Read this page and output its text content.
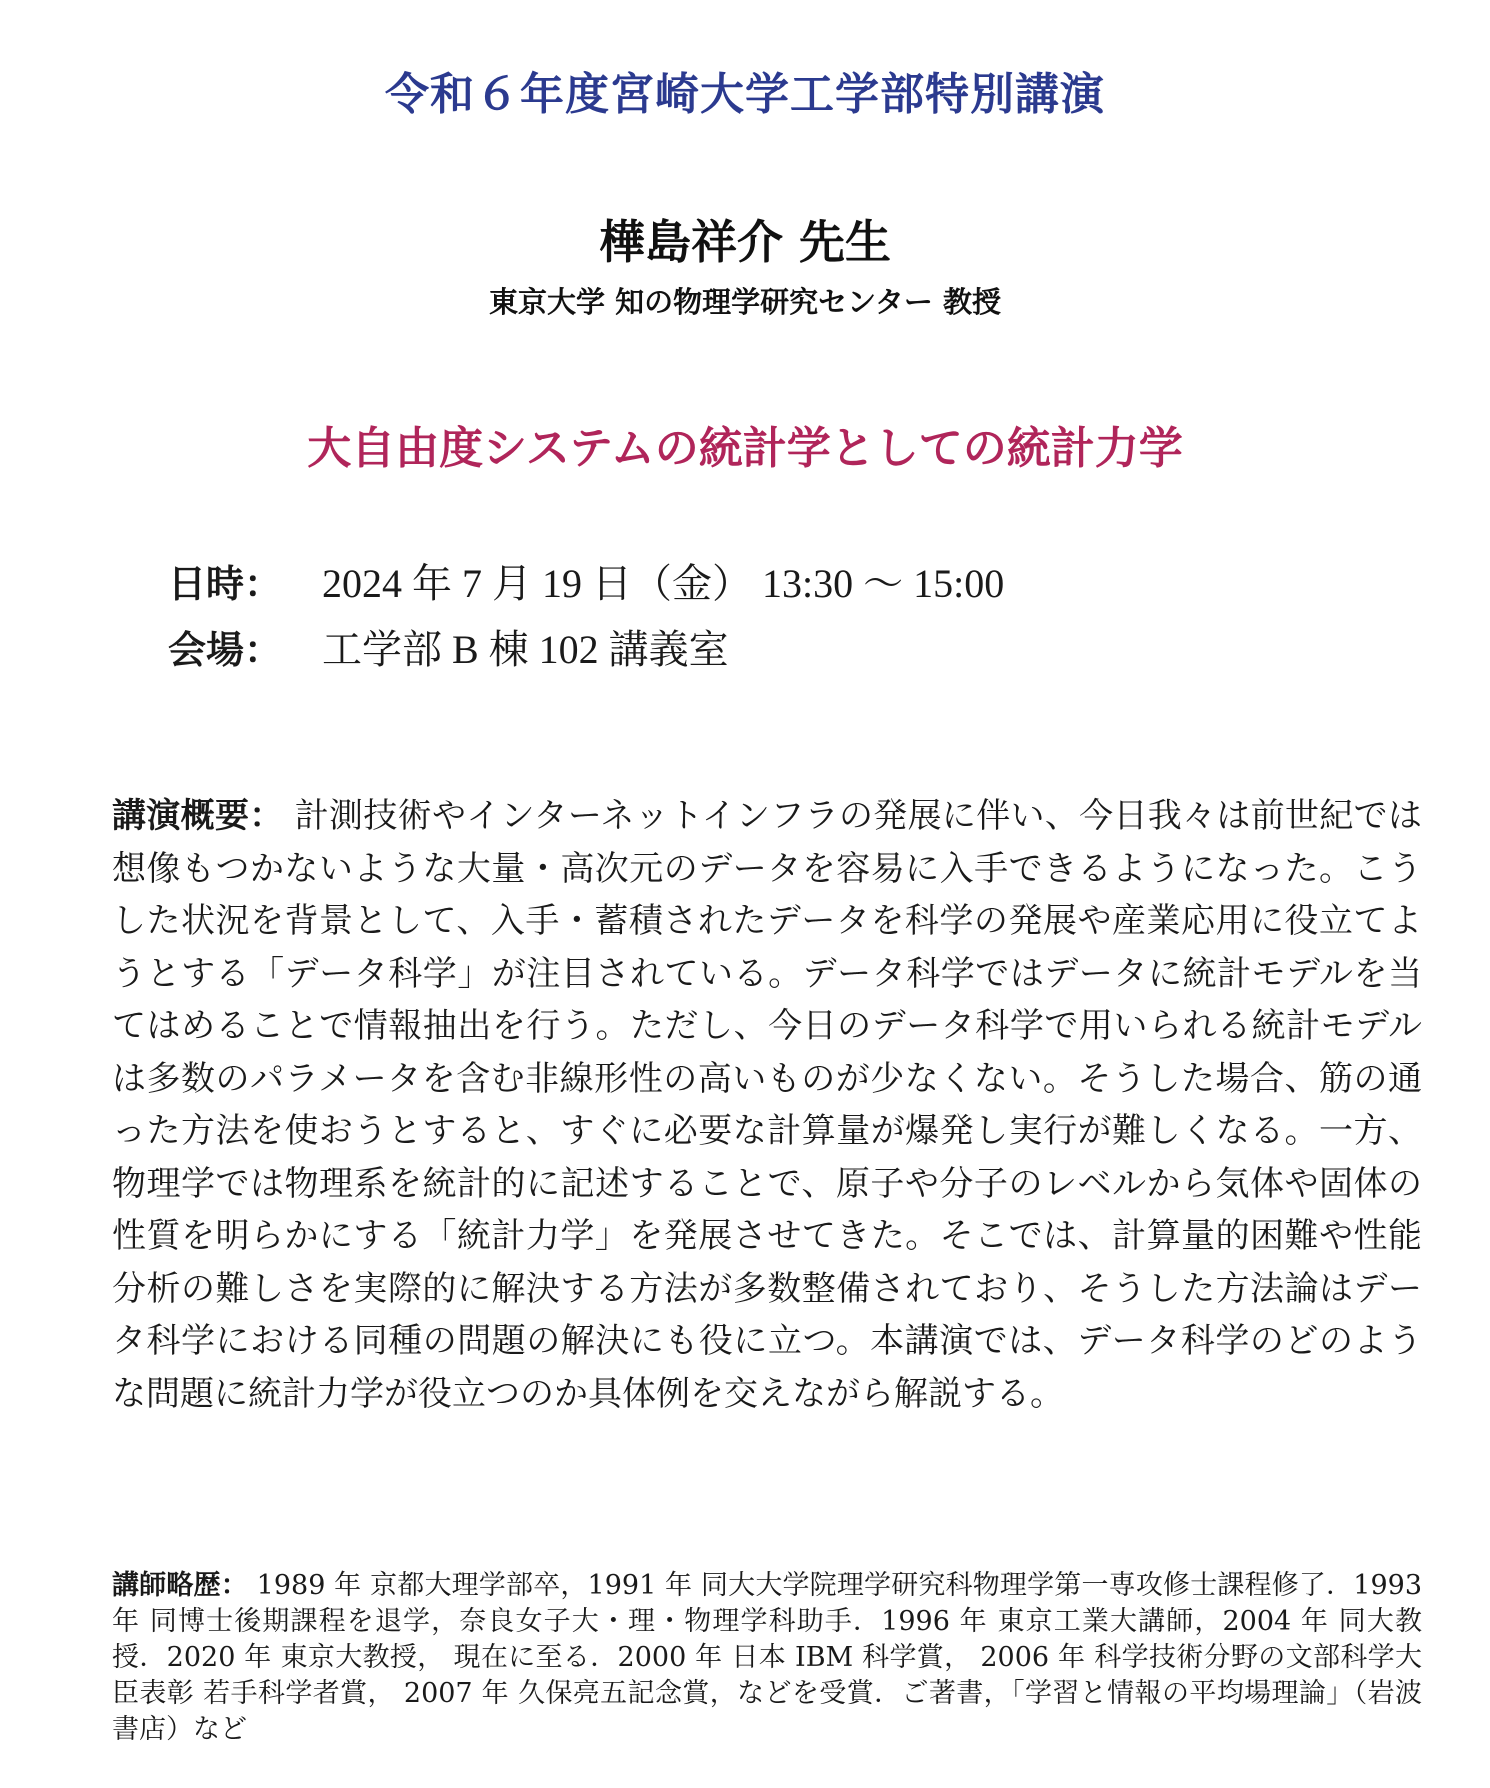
令和６年度宮崎大学工学部特別講演
樺島祥介 先生
東京大学 知の物理学研究センター 教授
大自由度システムの統計学としての統計力学
日時： 2024 年 7 月 19 日（金） 13:30 〜 15:00
会場： 工学部 B 棟 102 講義室
講演概要： 計測技術やインターネットインフラの発展に伴い、今日我々は前世紀では想像もつかないような大量・高次元のデータを容易に入手できるようになった。こうした状況を背景として、入手・蓄積されたデータを科学の発展や産業応用に役立てようとする「データ科学」が注目されている。データ科学ではデータに統計モデルを当てはめることで情報抽出を行う。ただし、今日のデータ科学で用いられる統計モデルは多数のパラメータを含む非線形性の高いものが少なくない。そうした場合、筋の通った方法を使おうとすると、すぐに必要な計算量が爆発し実行が難しくなる。一方、物理学では物理系を統計的に記述することで、原子や分子のレベルから気体や固体の性質を明らかにする「統計力学」を発展させてきた。そこでは、計算量的困難や性能分析の難しさを実際的に解決する方法が多数整備されており、そうした方法論はデータ科学における同種の問題の解決にも役に立つ。本講演では、データ科学のどのような問題に統計力学が役立つのか具体例を交えながら解説する。
講師略歴： 1989 年 京都大理学部卒，1991 年 同大大学院理学研究科物理学第一専攻修士課程修了．1993 年 同博士後期課程を退学，奈良女子大・理・物理学科助手．1996 年 東京工業大講師，2004 年 同大教授．2020 年 東京大教授， 現在に至る．2000 年 日本 IBM 科学賞， 2006 年 科学技術分野の文部科学大臣表彰 若手科学者賞， 2007 年 久保亮五記念賞，などを受賞．ご著書，「学習と情報の平均場理論」（岩波書店）など
